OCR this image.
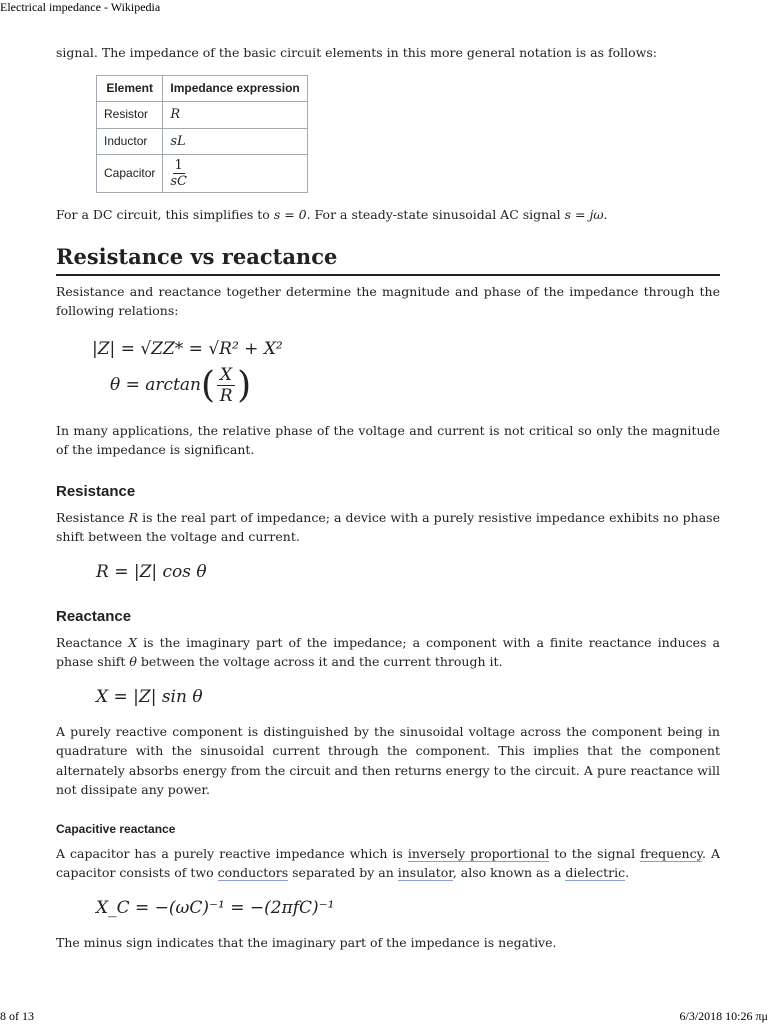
Electrical impedance - Wikipedia

signal. The impedance of the basic circuit elements in this more general notation is as follows:

Element	Impedance expression
Resistor	R
Inductor	sL
Capacitor	$\frac{1}{sC}$

For a DC circuit, this simplifies to s = 0. For a steady-state sinusoidal AC signal s = jω.

Resistance vs reactance

Resistance and reactance together determine the magnitude and phase of the impedance through the following relations:

|Z| = √ZZ* = √R² + X²
θ = arctan ( $\frac{X}{R}$ )

In many applications, the relative phase of the voltage and current is not critical so only the magnitude of the impedance is significant.

Resistance

Resistance R is the real part of impedance; a device with a purely resistive impedance exhibits no phase shift between the voltage and current.

R = |Z| cos θ
Reactance

Reactance X is the imaginary part of the impedance; a component with a finite reactance induces a phase shift θ between the voltage across it and the current through it.

X = |Z| sin θ

A purely reactive component is distinguished by the sinusoidal voltage across the component being in quadrature with the sinusoidal current through the component. This implies that the component alternately absorbs energy from the circuit and then returns energy to the circuit. A pure reactance will not dissipate any power.

Capacitive reactance

A capacitor has a purely reactive impedance which is inversely proportional to the signal frequency. A capacitor consists of two conductors separated by an insulator, also known as a dielectric.

X_C = −(ωC)⁻¹ = −(2πfC)⁻¹

The minus sign indicates that the imaginary part of the impedance is negative.

8 of 13	6/3/2018 10:26 πμ
